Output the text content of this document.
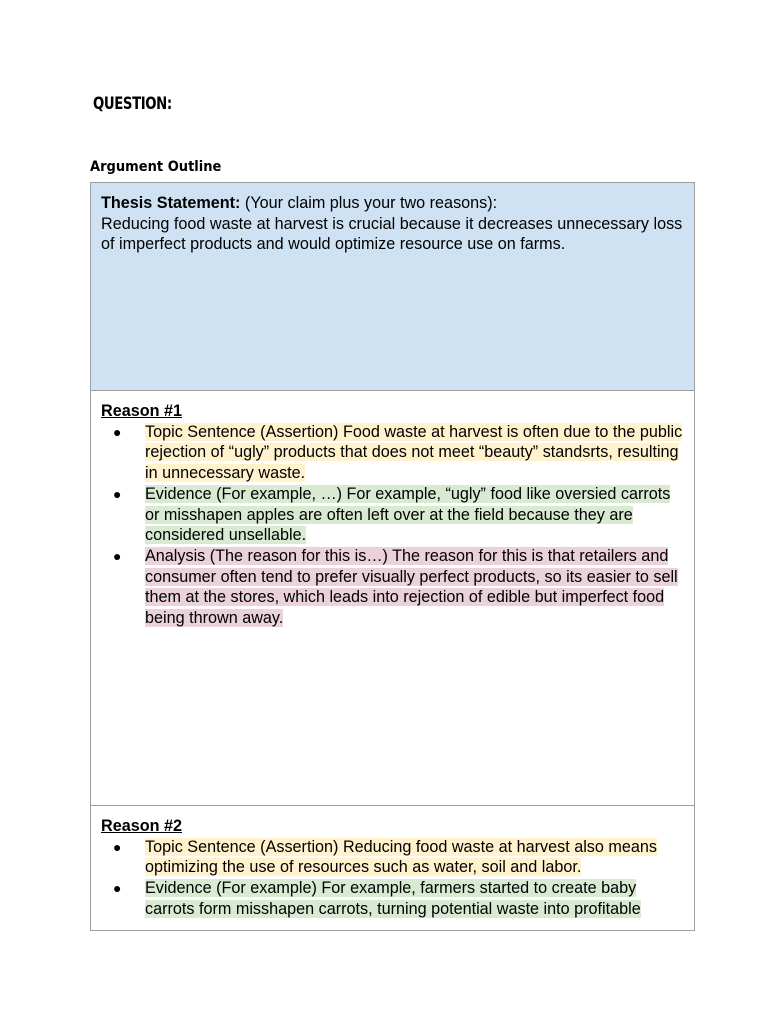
QUESTION:
Argument Outline
Thesis Statement: (Your claim plus your two reasons):
Reducing food waste at harvest is crucial because it decreases unnecessary loss of imperfect products and would optimize resource use on farms.
Reason #1
● Topic Sentence (Assertion) Food waste at harvest is often due to the public rejection of “ugly” products that does not meet “beauty” standsrts, resulting in unnecessary waste.
● Evidence (For example, …) For example, “ugly” food like oversied carrots or misshapen apples are often left over at the field because they are considered unsellable.
● Analysis (The reason for this is…) The reason for this is that retailers and consumer often tend to prefer visually perfect products, so its easier to sell them at the stores, which leads into rejection of edible but imperfect food being thrown away.
Reason #2
● Topic Sentence (Assertion) Reducing food waste at harvest also means optimizing the use of resources such as water, soil and labor.
● Evidence (For example) For example, farmers started to create baby carrots form misshapen carrots, turning potential waste into profitable
